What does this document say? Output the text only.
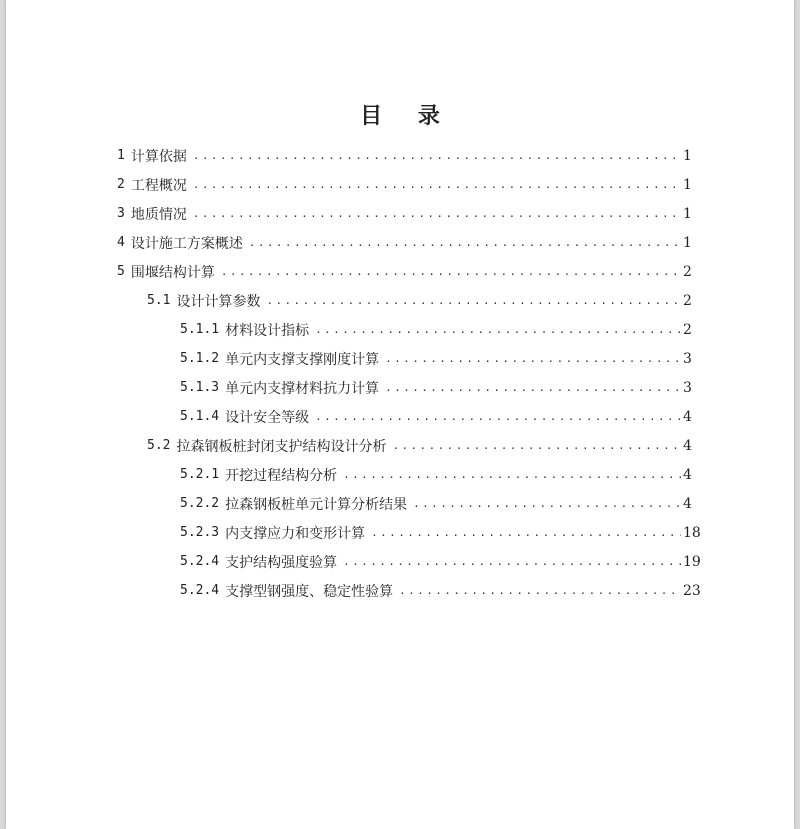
目 录
1 计算依据 .....	1
2 工程概况 .....	1
3 地质情况 .....	1
4 设计施工方案概述 .....	1
5 围堰结构计算 .....	2
5.1 设计计算参数 .....	2
5.1.1 材料设计指标 .....	2
5.1.2 单元内支撑支撑刚度计算 .....	3
5.1.3 单元内支撑材料抗力计算 .....	3
5.1.4 设计安全等级 .....	4
5.2 拉森钢板桩封闭支护结构设计分析 .....	4
5.2.1 开挖过程结构分析 .....	4
5.2.2 拉森钢板桩单元计算分析结果 .....	4
5.2.3 内支撑应力和变形计算 .....	18
5.2.4 支护结构强度验算 .....	19
5.2.4 支撑型钢强度、稳定性验算 .....	23
